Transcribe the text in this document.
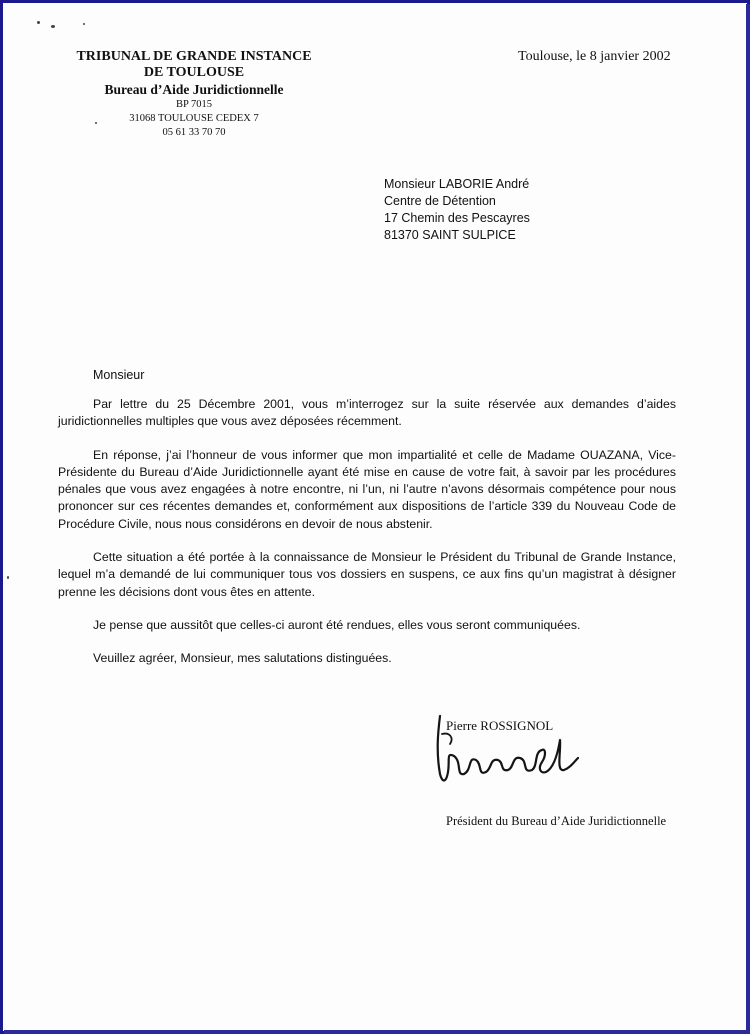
TRIBUNAL DE GRANDE INSTANCE
DE TOULOUSE
Bureau d’Aide Juridictionnelle
BP 7015
31068 TOULOUSE CEDEX 7
05 61 33 70 70
Toulouse, le 8 janvier 2002
Monsieur LABORIE André
Centre de Détention
17 Chemin des Pescayres
81370 SAINT SULPICE
Monsieur

Par lettre du 25 Décembre 2001, vous m’interrogez sur la suite réservée aux demandes d’aides juridictionnelles multiples que vous avez déposées récemment.

En réponse, j’ai l’honneur de vous informer que mon impartialité et celle de Madame OUAZANA, Vice-Présidente du Bureau d’Aide Juridictionnelle ayant été mise en cause de votre fait, à savoir par les procédures pénales que vous avez engagées à notre encontre, ni l’un, ni l’autre n’avons désormais compétence pour nous prononcer sur ces récentes demandes et, conformément aux dispositions de l’article 339 du Nouveau Code de Procédure Civile, nous nous considérons en devoir de nous abstenir.

Cette situation a été portée à la connaissance de Monsieur le Président du Tribunal de Grande Instance, lequel m’a demandé de lui communiquer tous vos dossiers en suspens, ce aux fins qu’un magistrat à désigner prenne les décisions dont vous êtes en attente.

Je pense que aussitôt que celles-ci auront été rendues, elles vous seront communiquées.

Veuillez agréer, Monsieur, mes salutations distinguées.

Pierre ROSSIGNOL
Président du Bureau d’Aide Juridictionnelle
